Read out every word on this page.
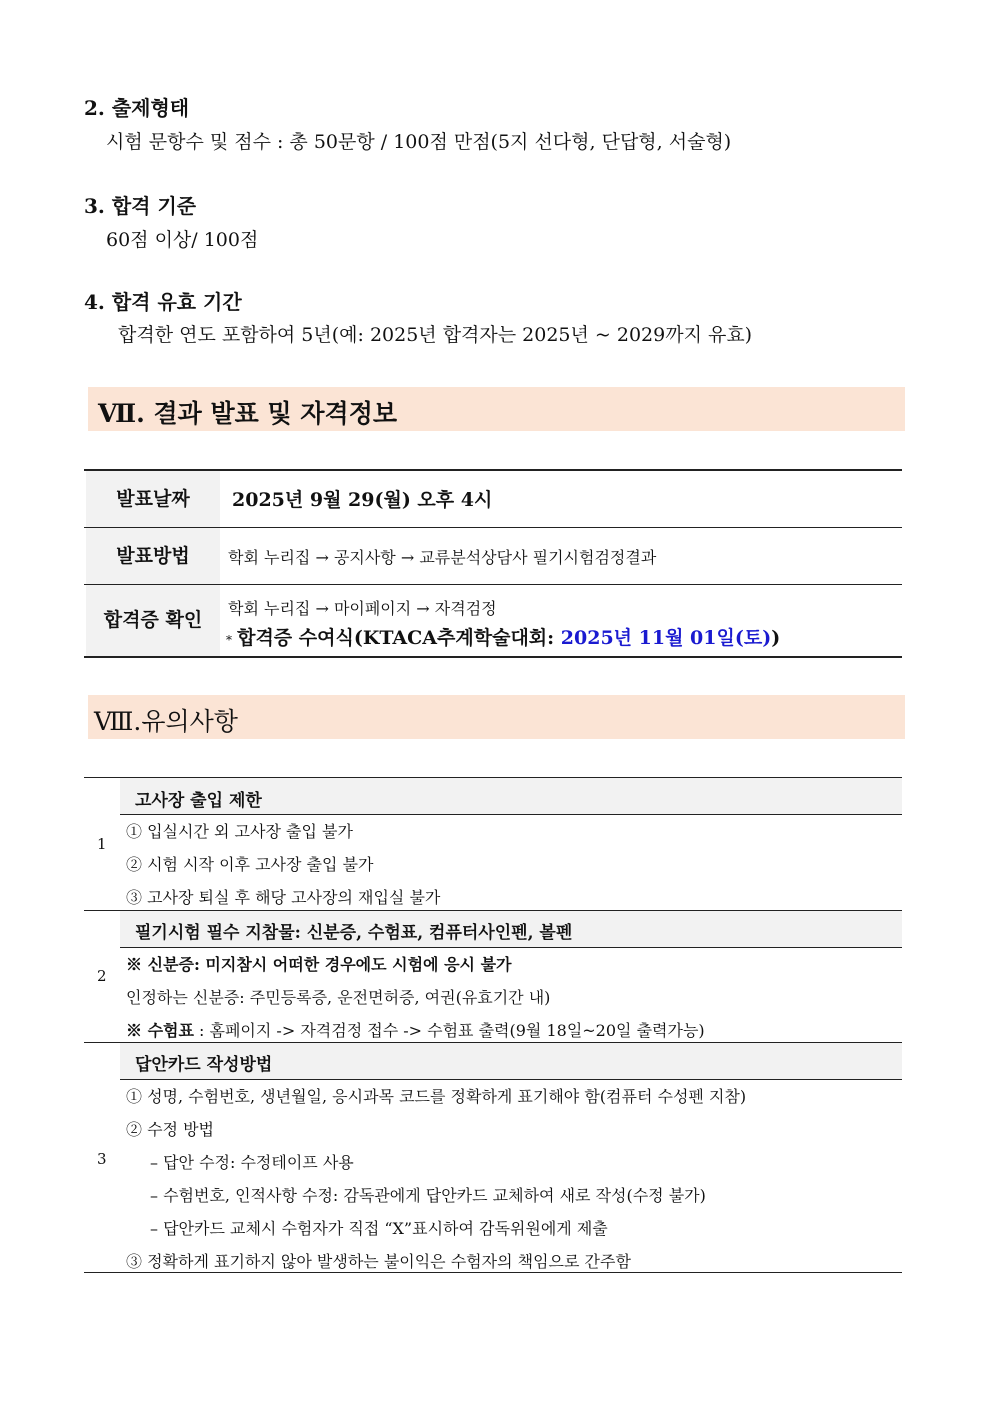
2. 출제형태
시험 문항수 및 점수 : 총 50문항 / 100점 만점(5지 선다형, 단답형, 서술형)
3. 합격 기준
60점 이상/ 100점
4. 합격 유효 기간
합격한 연도 포함하여 5년(예: 2025년 합격자는 2025년 ~ 2029까지 유효)
Ⅶ. 결과 발표 및 자격정보
발표날짜	2025년 9월 29(월) 오후 4시
발표방법	학회 누리집 → 공지사항 → 교류분석상담사 필기시험검정결과
합격증 확인
학회 누리집 → 마이페이지 → 자격검정
* 합격증 수여식(KTACA추계학술대회: 2025년 11월 01일(토))
Ⅷ.유의사항
고사장 출입 제한
1
① 입실시간 외 고사장 출입 불가
② 시험 시작 이후 고사장 출입 불가
③ 고사장 퇴실 후 해당 고사장의 재입실 불가
필기시험 필수 지참물: 신분증, 수험표, 컴퓨터사인펜, 볼펜
2
※ 신분증: 미지참시 어떠한 경우에도 시험에 응시 불가
인정하는 신분증: 주민등록증, 운전면허증, 여권(유효기간 내)
※ 수험표 : 홈페이지 -> 자격검정 접수 -> 수험표 출력(9월 18일~20일 출력가능)
답안카드 작성방법
3
① 성명, 수험번호, 생년월일, 응시과목 코드를 정확하게 표기해야 함(컴퓨터 수성펜 지참)
② 수정 방법
– 답안 수정: 수정테이프 사용
– 수험번호, 인적사항 수정: 감독관에게 답안카드 교체하여 새로 작성(수정 불가)
– 답안카드 교체시 수험자가 직접 “X”표시하여 감독위원에게 제출
③ 정확하게 표기하지 않아 발생하는 불이익은 수험자의 책임으로 간주함
